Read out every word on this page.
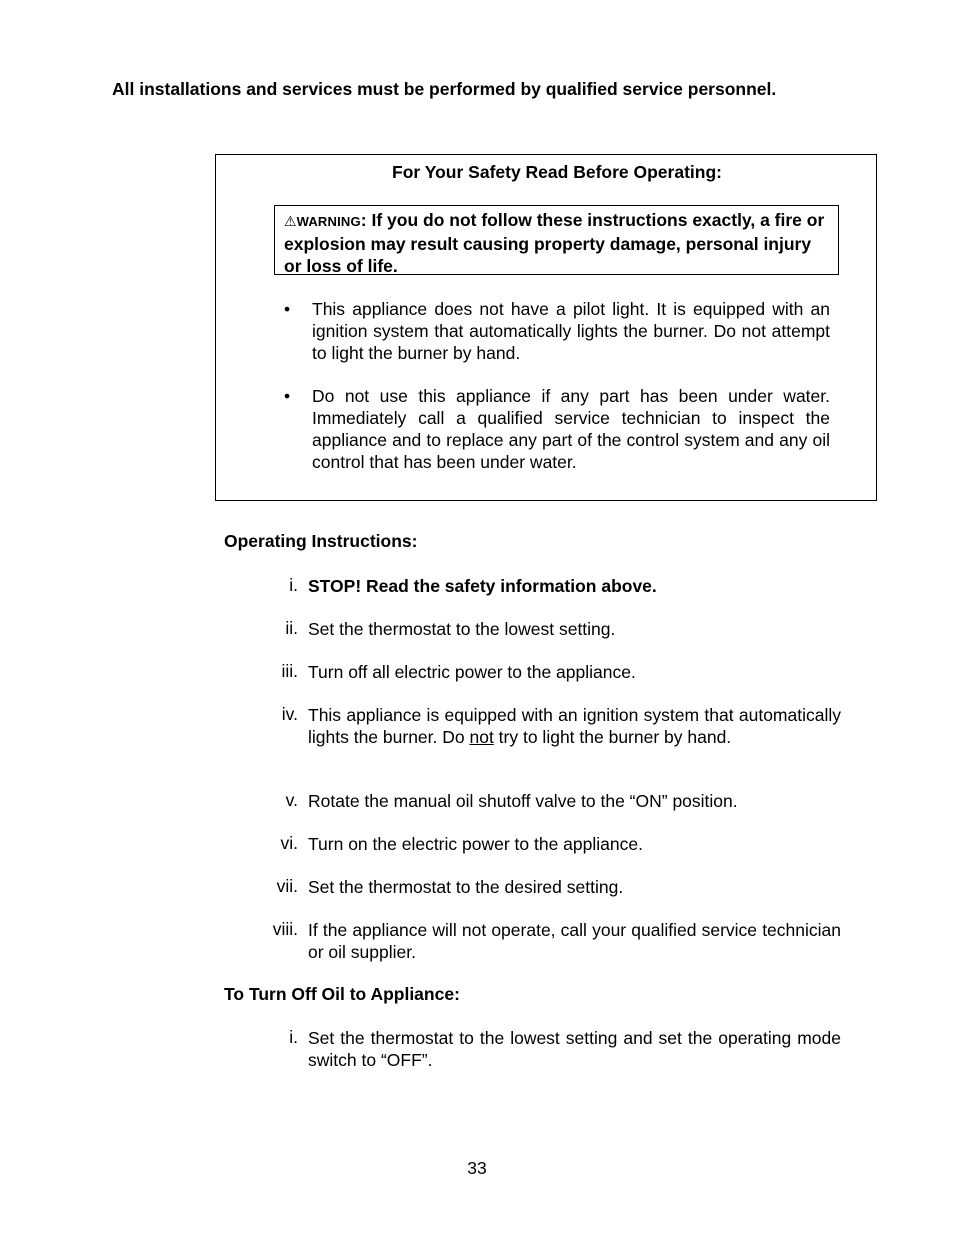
All installations and services must be performed by qualified service personnel.
For Your Safety Read Before Operating:
⚠WARNING: If you do not follow these instructions exactly, a fire or explosion may result causing property damage, personal injury or loss of life.
• This appliance does not have a pilot light. It is equipped with an ignition system that automatically lights the burner. Do not attempt to light the burner by hand.
• Do not use this appliance if any part has been under water. Immediately call a qualified service technician to inspect the appliance and to replace any part of the control system and any oil control that has been under water.
Operating Instructions:
i. STOP! Read the safety information above.
ii. Set the thermostat to the lowest setting.
iii. Turn off all electric power to the appliance.
iv. This appliance is equipped with an ignition system that automatically lights the burner. Do not try to light the burner by hand.
v. Rotate the manual oil shutoff valve to the “ON” position.
vi. Turn on the electric power to the appliance.
vii. Set the thermostat to the desired setting.
viii. If the appliance will not operate, call your qualified service technician or oil supplier.
To Turn Off Oil to Appliance:
i. Set the thermostat to the lowest setting and set the operating mode switch to “OFF”.
33
